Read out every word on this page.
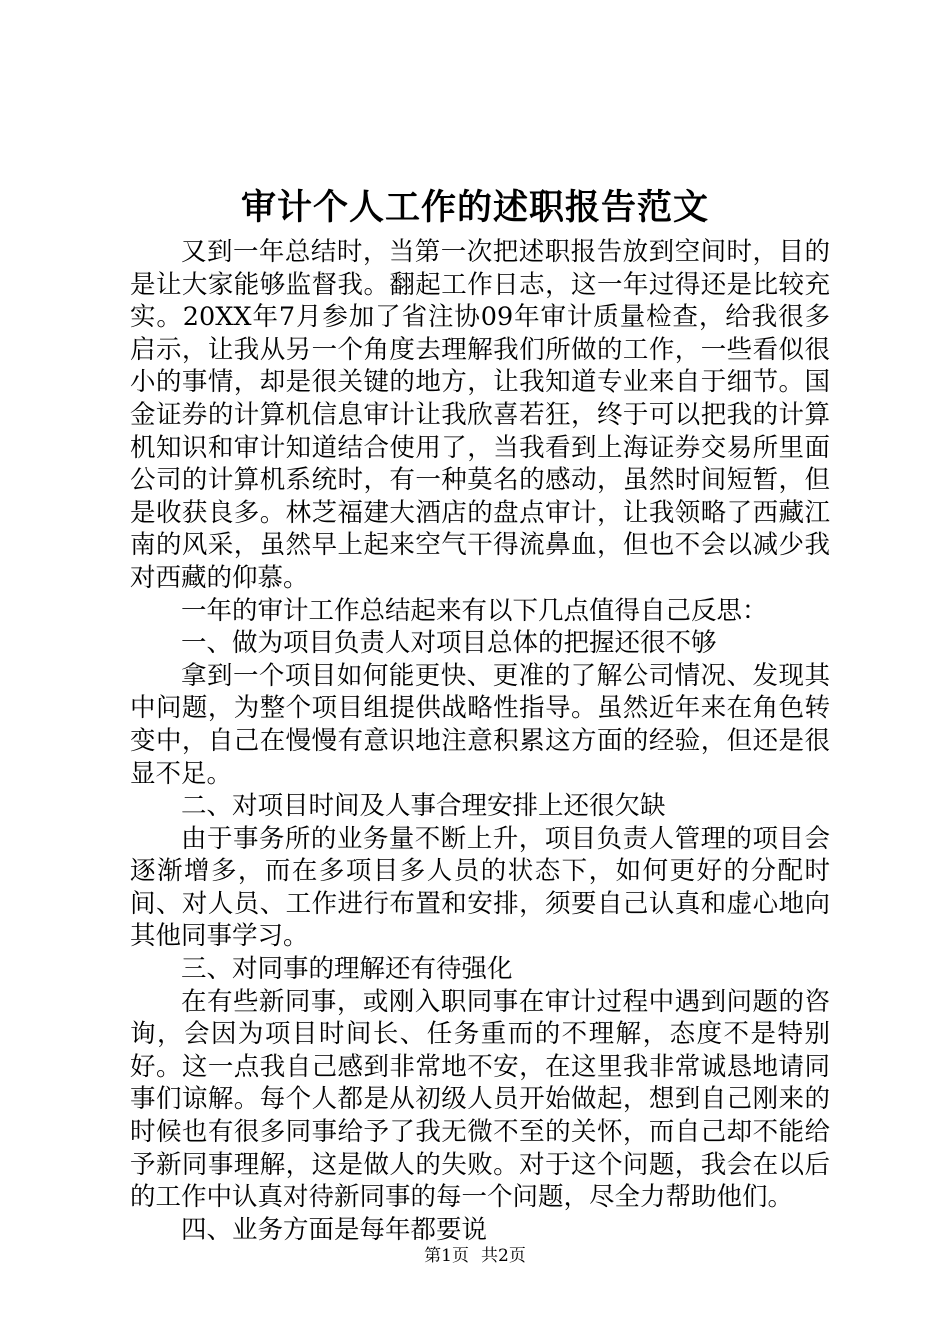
审计个人工作的述职报告范文

又到一年总结时，当第一次把述职报告放到空间时，目的是让大家能够监督我。翻起工作日志，这一年过得还是比较充实。20XX年7月参加了省注协09年审计质量检查，给我很多启示，让我从另一个角度去理解我们所做的工作，一些看似很小的事情，却是很关键的地方，让我知道专业来自于细节。国金证券的计算机信息审计让我欣喜若狂，终于可以把我的计算机知识和审计知道结合使用了，当我看到上海证券交易所里面公司的计算机系统时，有一种莫名的感动，虽然时间短暂，但是收获良多。林芝福建大酒店的盘点审计，让我领略了西藏江南的风采，虽然早上起来空气干得流鼻血，但也不会以减少我对西藏的仰慕。

一年的审计工作总结起来有以下几点值得自己反思：

一、做为项目负责人对项目总体的把握还很不够

拿到一个项目如何能更快、更准的了解公司情况、发现其中问题，为整个项目组提供战略性指导。虽然近年来在角色转变中，自己在慢慢有意识地注意积累这方面的经验，但还是很显不足。

二、对项目时间及人事合理安排上还很欠缺

由于事务所的业务量不断上升，项目负责人管理的项目会逐渐增多，而在多项目多人员的状态下，如何更好的分配时间、对人员、工作进行布置和安排，须要自己认真和虚心地向其他同事学习。

三、对同事的理解还有待强化

在有些新同事，或刚入职同事在审计过程中遇到问题的咨询，会因为项目时间长、任务重而的不理解，态度不是特别好。这一点我自己感到非常地不安，在这里我非常诚恳地请同事们谅解。每个人都是从初级人员开始做起，想到自己刚来的时候也有很多同事给予了我无微不至的关怀，而自己却不能给予新同事理解，这是做人的失败。对于这个问题，我会在以后的工作中认真对待新同事的每一个问题，尽全力帮助他们。

四、业务方面是每年都要说

第1页 共2页
